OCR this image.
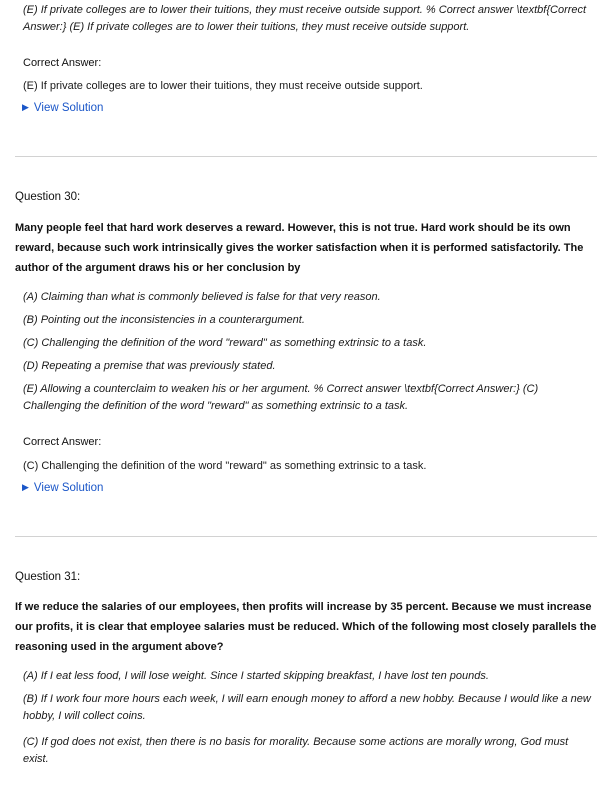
(E) If private colleges are to lower their tuitions, they must receive outside support. % Correct answer \textbf{Correct Answer:} (E) If private colleges are to lower their tuitions, they must receive outside support.
Correct Answer:
(E) If private colleges are to lower their tuitions, they must receive outside support.
▶ View Solution
Question 30:
Many people feel that hard work deserves a reward. However, this is not true. Hard work should be its own reward, because such work intrinsically gives the worker satisfaction when it is performed satisfactorily. The author of the argument draws his or her conclusion by
(A) Claiming than what is commonly believed is false for that very reason.
(B) Pointing out the inconsistencies in a counterargument.
(C) Challenging the definition of the word "reward" as something extrinsic to a task.
(D) Repeating a premise that was previously stated.
(E) Allowing a counterclaim to weaken his or her argument. % Correct answer \textbf{Correct Answer:} (C) Challenging the definition of the word "reward" as something extrinsic to a task.
Correct Answer:
(C) Challenging the definition of the word "reward" as something extrinsic to a task.
▶ View Solution
Question 31:
If we reduce the salaries of our employees, then profits will increase by 35 percent. Because we must increase our profits, it is clear that employee salaries must be reduced. Which of the following most closely parallels the reasoning used in the argument above?
(A) If I eat less food, I will lose weight. Since I started skipping breakfast, I have lost ten pounds.
(B) If I work four more hours each week, I will earn enough money to afford a new hobby. Because I would like a new hobby, I will collect coins.
(C) If god does not exist, then there is no basis for morality. Because some actions are morally wrong, God must exist.
